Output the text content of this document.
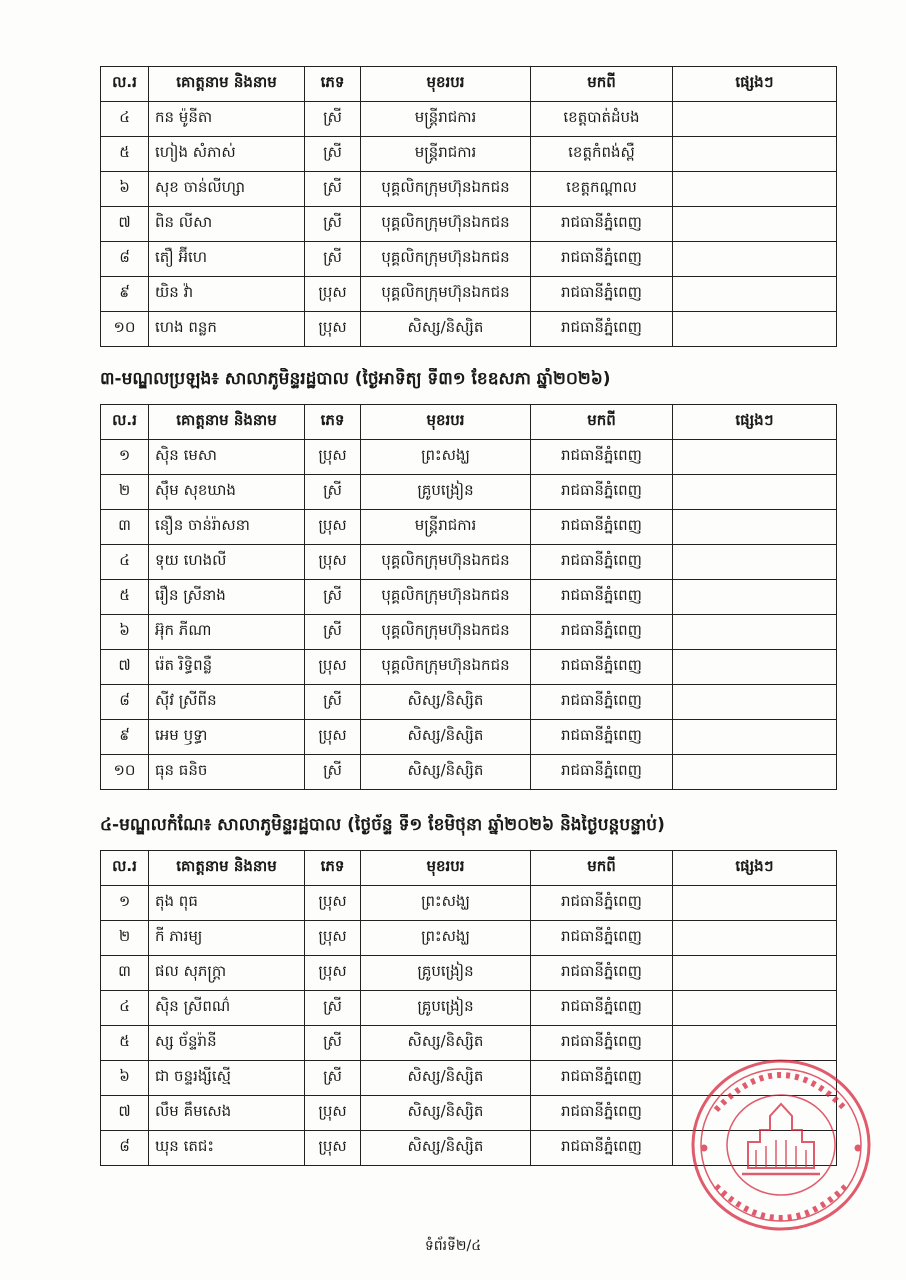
ល.រ	គោត្តនាម និងនាម	ភេទ	មុខរបរ	មកពី	ផ្សេងៗ
៤	កន ម៉ូនីតា	ស្រី	មន្ត្រីរាជការ	ខេត្តបាត់ដំបង	
៥	ហៀង សំភាស់	ស្រី	មន្ត្រីរាជការ	ខេត្តកំពង់ស្ពឺ	
៦	សុខ ចាន់លីហ្សា	ស្រី	បុគ្គលិកក្រុមហ៊ុនឯកជន	ខេត្តកណ្តាល	
៧	ពិន លីសា	ស្រី	បុគ្គលិកក្រុមហ៊ុនឯកជន	រាជធានីភ្នំពេញ	
៨	តឿ អ៊ីហេ	ស្រី	បុគ្គលិកក្រុមហ៊ុនឯកជន	រាជធានីភ្នំពេញ	
៩	យិន វ៉ា	ប្រុស	បុគ្គលិកក្រុមហ៊ុនឯកជន	រាជធានីភ្នំពេញ	
១០	ហេង ពន្លក	ប្រុស	សិស្ស/និស្សិត	រាជធានីភ្នំពេញ	
៣-មណ្ឌលប្រឡង៖ សាលាភូមិន្ទរដ្ឋបាល (ថ្ងៃអាទិត្យ ទី៣១ ខែឧសភា ឆ្នាំ២០២៦)
ល.រ	គោត្តនាម និងនាម	ភេទ	មុខរបរ	មកពី	ផ្សេងៗ
១	ស៊ិន មេសា	ប្រុស	ព្រះសង្ឃ	រាជធានីភ្នំពេញ	
២	ស៊ឹម សុខឃាង	ស្រី	គ្រូបង្រៀន	រាជធានីភ្នំពេញ	
៣	នឿន ចាន់រ៉ាសនា	ប្រុស	មន្ត្រីរាជការ	រាជធានីភ្នំពេញ	
៤	ទុយ ហេងលី	ប្រុស	បុគ្គលិកក្រុមហ៊ុនឯកជន	រាជធានីភ្នំពេញ	
៥	រឿន ស្រីនាង	ស្រី	បុគ្គលិកក្រុមហ៊ុនឯកជន	រាជធានីភ្នំពេញ	
៦	អ៊ុក ភីណា	ស្រី	បុគ្គលិកក្រុមហ៊ុនឯកជន	រាជធានីភ្នំពេញ	
៧	រ៉េត រិទ្ធិពន្លឺ	ប្រុស	បុគ្គលិកក្រុមហ៊ុនឯកជន	រាជធានីភ្នំពេញ	
៨	ស៊ីវ ស្រីពីន	ស្រី	សិស្ស/និស្សិត	រាជធានីភ្នំពេញ	
៩	អេម ឫទ្ធា	ប្រុស	សិស្ស/និស្សិត	រាជធានីភ្នំពេញ	
១០	ធុន ធនិច	ស្រី	សិស្ស/និស្សិត	រាជធានីភ្នំពេញ	
៤-មណ្ឌលកំណែ៖ សាលាភូមិន្ទរដ្ឋបាល (ថ្ងៃច័ន្ទ ទី១ ខែមិថុនា ឆ្នាំ២០២៦ និងថ្ងៃបន្តបន្ទាប់)
ល.រ	គោត្តនាម និងនាម	ភេទ	មុខរបរ	មកពី	ផ្សេងៗ
១	តុង ពុធ	ប្រុស	ព្រះសង្ឃ	រាជធានីភ្នំពេញ	
២	កី ភារម្យ	ប្រុស	ព្រះសង្ឃ	រាជធានីភ្នំពេញ	
៣	ផល សុភក្ត្រា	ប្រុស	គ្រូបង្រៀន	រាជធានីភ្នំពេញ	
៤	ស៊ិន ស្រីពណ៌	ស្រី	គ្រូបង្រៀន	រាជធានីភ្នំពេញ	
៥	ស្ស ច័ន្ទរ៉ានី	ស្រី	សិស្ស/និស្សិត	រាជធានីភ្នំពេញ	
៦	ជា ចន្ទរង្សីស្មើ	ស្រី	សិស្ស/និស្សិត	រាជធានីភ្នំពេញ	
៧	លឹម គឹមសេង	ប្រុស	សិស្ស/និស្សិត	រាជធានីភ្នំពេញ	
៨	ឃុន តេជះ	ប្រុស	សិស្ស/និស្សិត	រាជធានីភ្នំពេញ	
ទំព័រទី២/៤
